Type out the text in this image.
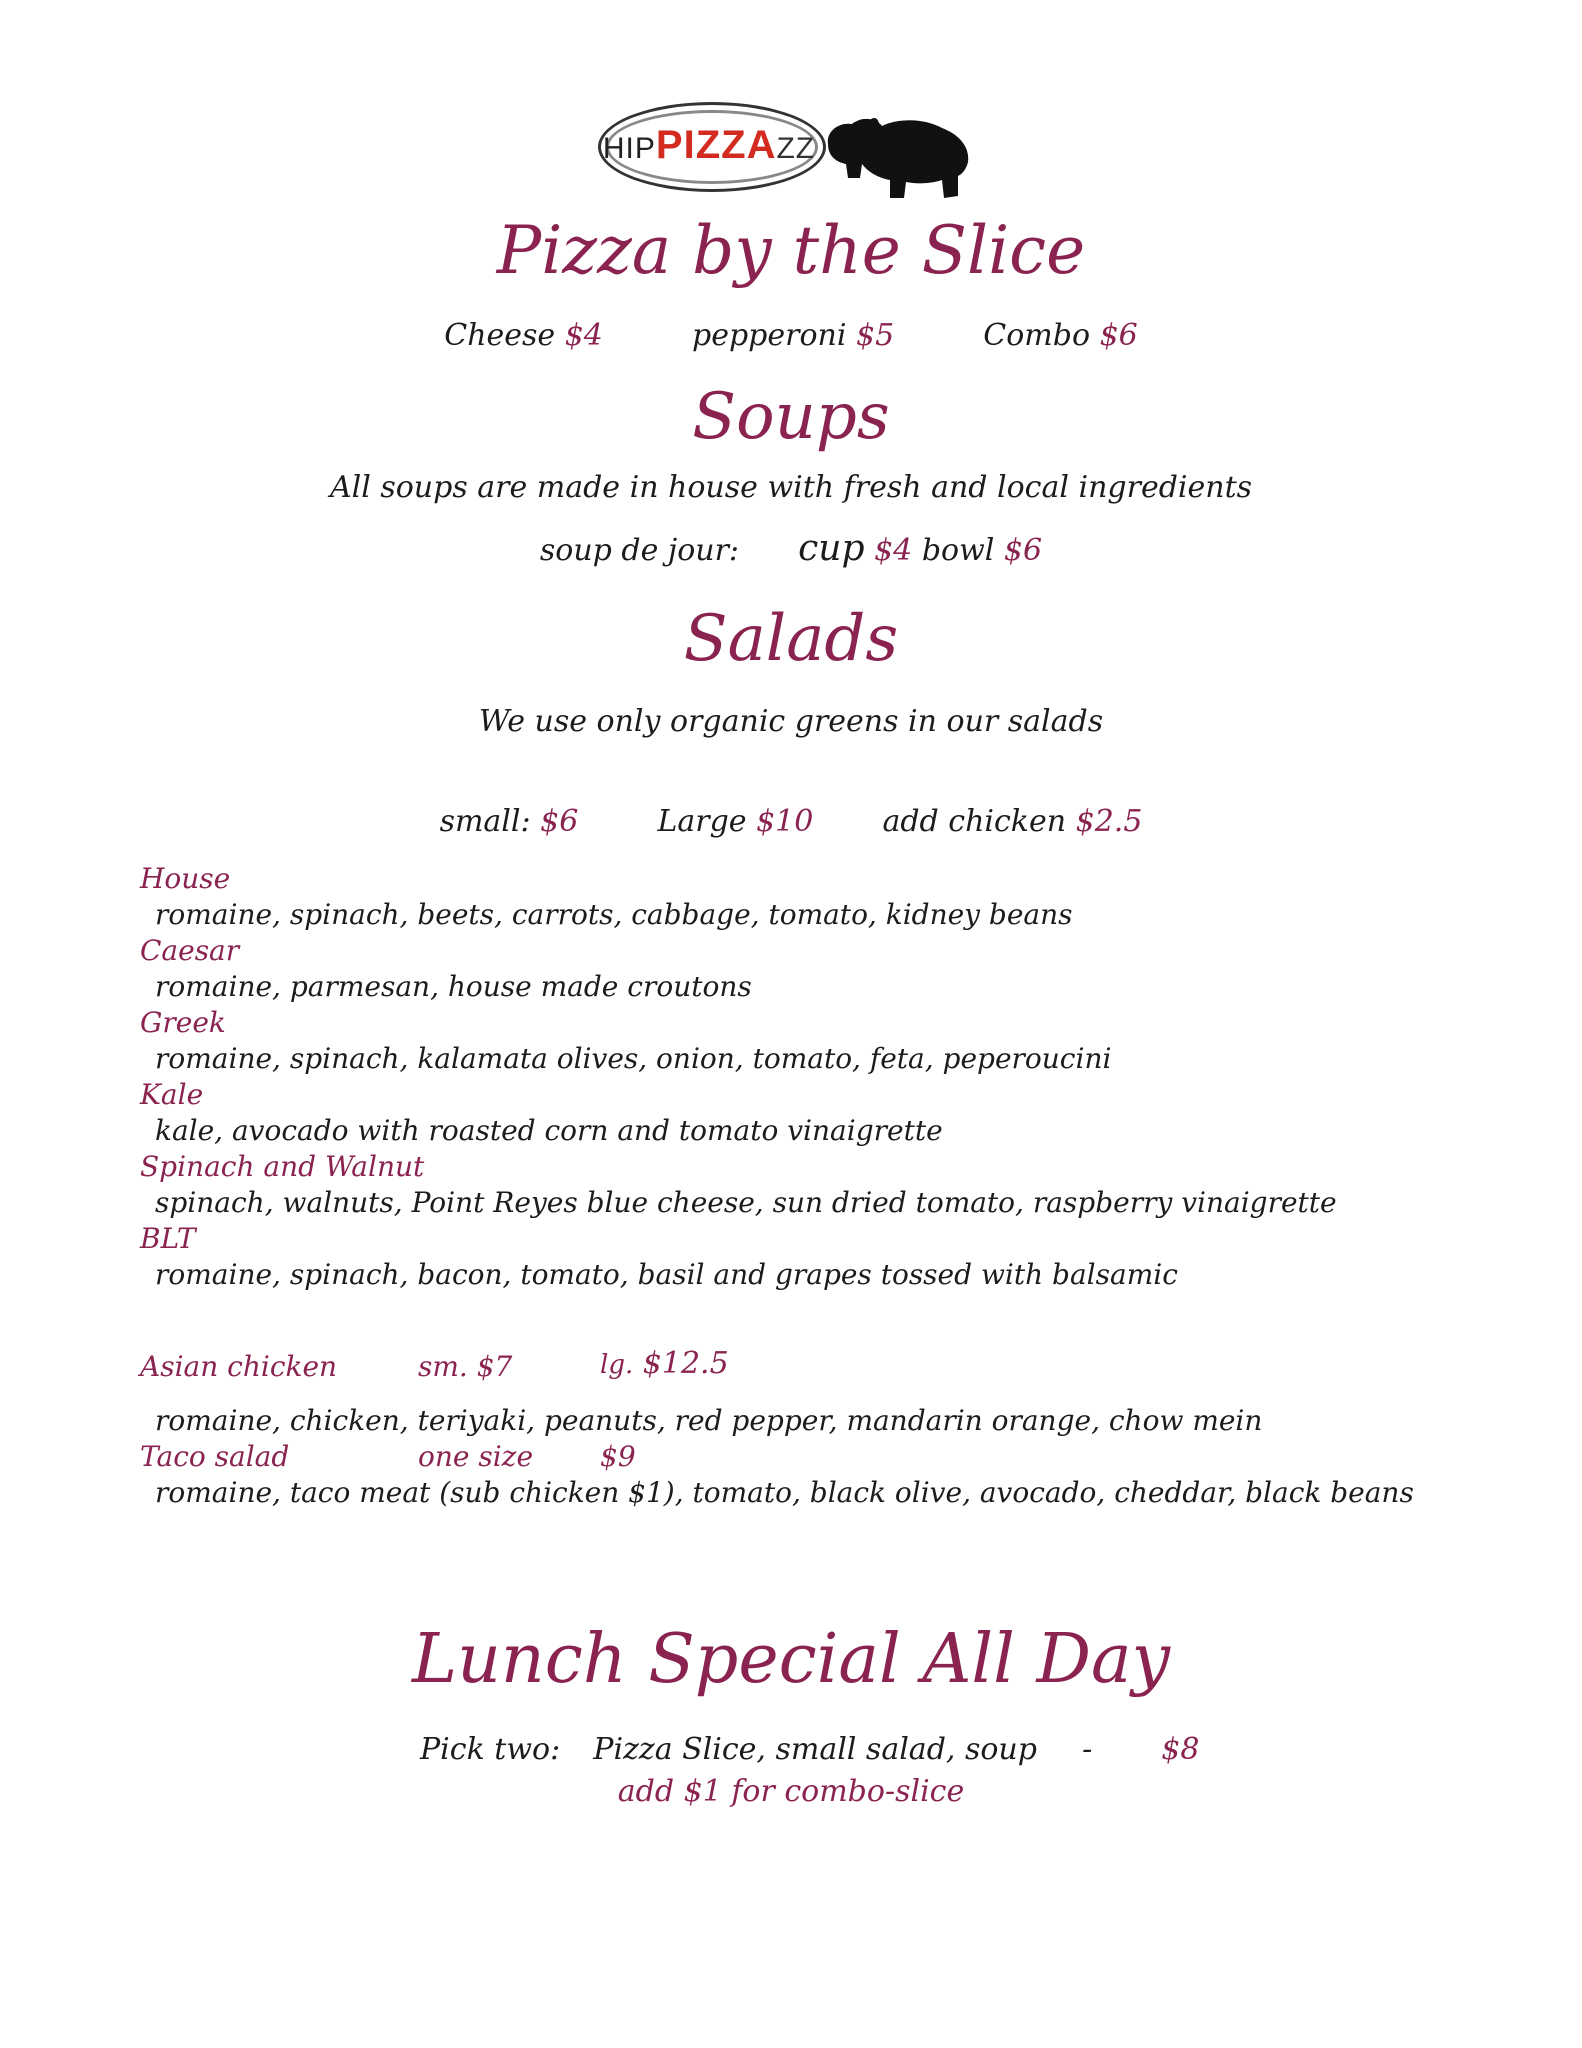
HIPPIZZAZZ
Pizza by the Slice
Cheese $4	pepperoni $5	Combo $6
Soups
All soups are made in house with fresh and local ingredients
soup de jour: cup $4 bowl $6
Salads
We use only organic greens in our salads
small: $6	Large $10 add chicken $2.5
House
romaine, spinach, beets, carrots, cabbage, tomato, kidney beans
Caesar
romaine, parmesan, house made croutons
Greek
romaine, spinach, kalamata olives, onion, tomato, feta, peperoucini
Kale
kale, avocado with roasted corn and tomato vinaigrette
Spinach and Walnut
spinach, walnuts, Point Reyes blue cheese, sun dried tomato, raspberry vinaigrette
BLT
romaine, spinach, bacon, tomato, basil and grapes tossed with balsamic
Asian chicken	sm. $7	lg. $12.5
romaine, chicken, teriyaki, peanuts, red pepper, mandarin orange, chow mein
Taco salad	one size $9
romaine, taco meat (sub chicken $1), tomato, black olive, avocado, cheddar, black beans
Lunch Special All Day
Pick two: Pizza Slice, small salad, soup - $8
add $1 for combo-slice
